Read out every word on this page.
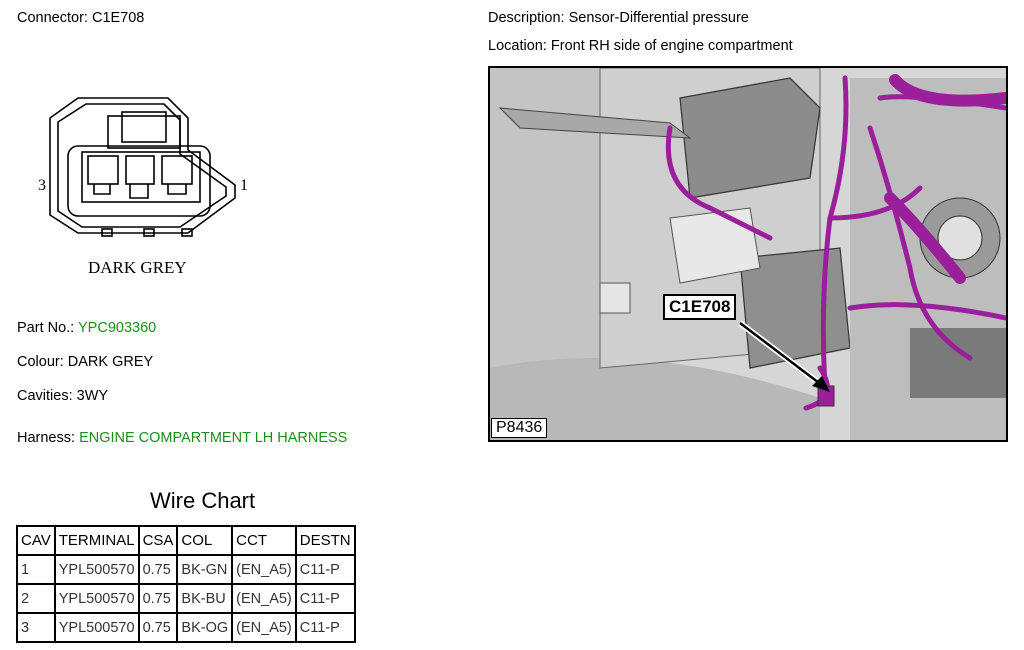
Connector: C1E708	Description: Sensor-Differential pressure
Location: Front RH side of engine compartment
3	1
DARK GREY
Part No.: YPC903360
Colour: DARK GREY
Cavities: 3WY
Harness: ENGINE COMPARTMENT LH HARNESS
C1E708
P8436
Wire Chart
CAV	TERMINAL	CSA	COL	CCT	DESTN
1	YPL500570	0.75	BK-GN	(EN_A5)	C11-P
2	YPL500570	0.75	BK-BU	(EN_A5)	C11-P
3	YPL500570	0.75	BK-OG	(EN_A5)	C11-P
